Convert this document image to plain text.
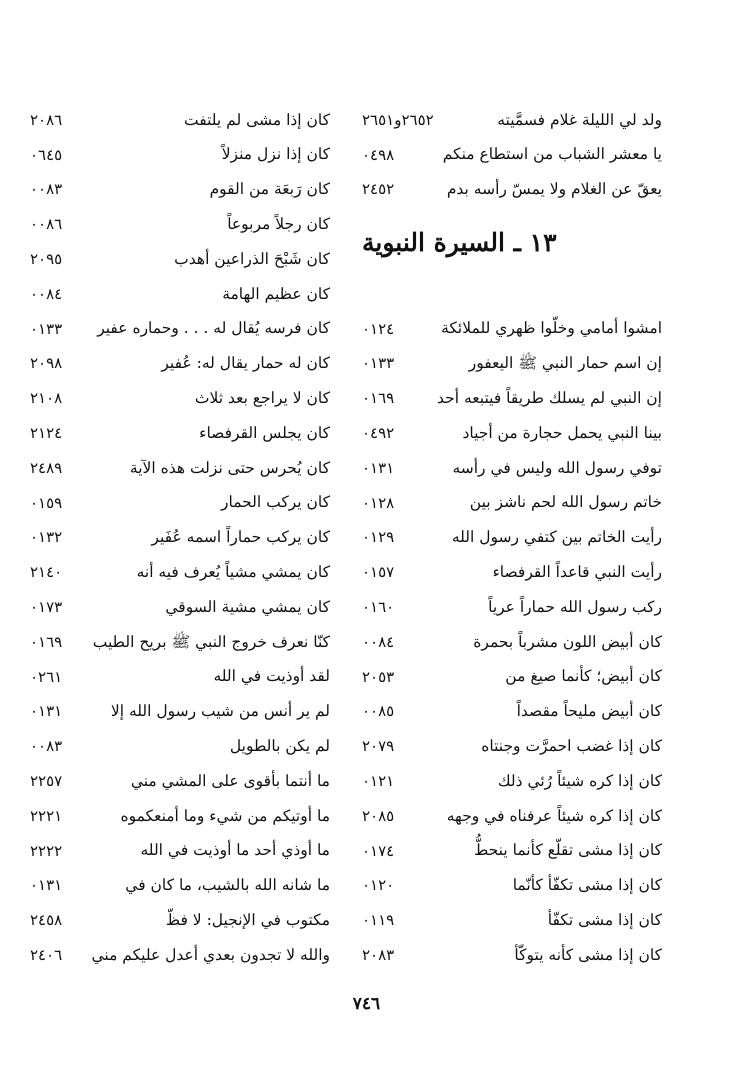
ولد لي الليلة غلام فسمَّيته
٢٦٥٢و٢٦٥١
يا معشر الشباب من استطاع منكم
٠٤٩٨
يعقّ عن الغلام ولا يمسّ رأسه بدم
٢٤٥٢
١٣ ـ السيرة النبوية
امشوا أمامي وخلّوا ظهري للملائكة
٠١٢٤
إن اسم حمار النبي ﷺ اليعفور
٠١٣٣
إن النبي لم يسلك طريقاً فيتبعه أحد
٠١٦٩
بينا النبي يحمل حجارة من أجياد
٠٤٩٢
توفي رسول الله وليس في رأسه
٠١٣١
خاتم رسول الله لحم ناشز بين
٠١٢٨
رأيت الخاتم بين كتفي رسول الله
٠١٢٩
رأيت النبي قاعداً القرفصاء
٠١٥٧
ركب رسول الله حماراً عرياً
٠١٦٠
كان أبيض اللون مشرباً بحمرة
٠٠٨٤
كان أبيض؛ كأنما صيغ من
٢٠٥٣
كان أبيض مليحاً مقصداً
٠٠٨٥
كان إذا غضب احمرَّت وجنتاه
٢٠٧٩
كان إذا كره شيئاً رُئي ذلك
٠١٢١
كان إذا كره شيئاً عرفناه في وجهه
٢٠٨٥
كان إذا مشى تقلّع كأنما ينحطُّ
٠١٧٤
كان إذا مشى تكفّأ كأنّما
٠١٢٠
كان إذا مشى تكفّأ
٠١١٩
كان إذا مشى كأنه يتوكّأ
٢٠٨٣
كان إذا مشى لم يلتفت
٢٠٨٦
كان إذا نزل منزلاً
٠٦٤٥
كان رَبعَة من القوم
٠٠٨٣
كان رجلاً مربوعاً
٠٠٨٦
كان شَبْحَ الذراعين أهدب
٢٠٩٥
كان عظيم الهامة
٠٠٨٤
كان فرسه يُقال له . . . وحماره عفير
٠١٣٣
كان له حمار يقال له: عُفير
٢٠٩٨
كان لا يراجع بعد ثلاث
٢١٠٨
كان يجلس القرفصاء
٢١٢٤
كان يُحرس حتى نزلت هذه الآية
٢٤٨٩
كان يركب الحمار
٠١٥٩
كان يركب حماراً اسمه عُفَير
٠١٣٢
كان يمشي مشياً يُعرف فيه أنه
٢١٤٠
كان يمشي مشية السوقي
٠١٧٣
كنّا نعرف خروج النبي ﷺ بريح الطيب
٠١٦٩
لقد أوذيت في الله
٠٢٦١
لم ير أنس من شيب رسول الله إلا
٠١٣١
لم يكن بالطويل
٠٠٨٣
ما أنتما بأقوى على المشي مني
٢٢٥٧
ما أوتيكم من شيء وما أمنعكموه
٢٢٢١
ما أوذي أحد ما أوذيت في الله
٢٢٢٢
ما شانه الله بالشيب، ما كان في
٠١٣١
مكتوب في الإنجيل: لا فظّ
٢٤٥٨
والله لا تجدون بعدي أعدل عليكم مني
٢٤٠٦
٧٤٦
